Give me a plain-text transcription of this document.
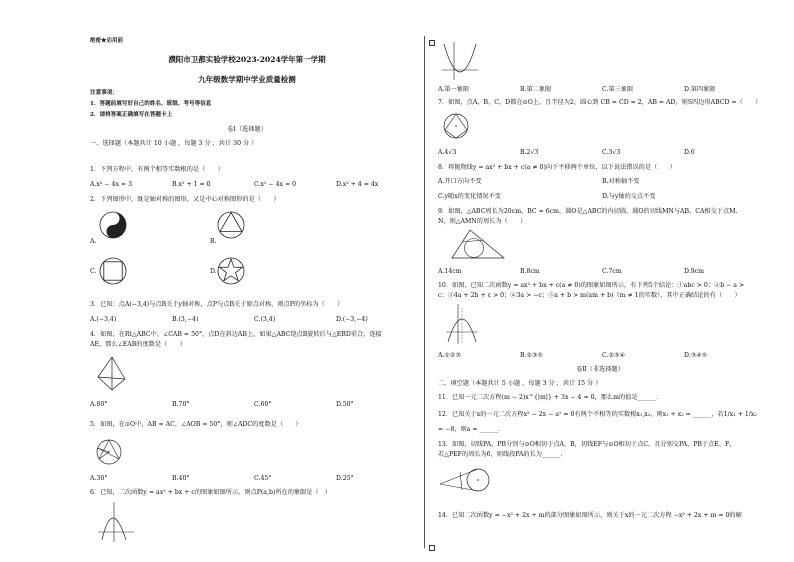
绝密★启用前
濮阳市卫都实验学校2023-2024学年第一学期
九年级数学期中学业质量检测
注意事项：
1．答题前填写好自己的姓名、班级、考号等信息
2．请将答案正确填写在答题卡上
卷Ⅰ（选择题）
一、选择题（本题共计 10 小题 ，每题 3 分 ，共计 30 分 ）
1．下列方程中，有两个相等实数根的是（　　）
A.x² − 4x = 3	B.x² + 1 = 0	C.x² − 4x = 0	D.x² + 4 = 4x
2．下列图形中，既是轴对称的图形，又是中心对称图形的是（　　）
A.	B.
C.	D.
3．已知：点A(−3,4)与点B关于y轴对称，点P与点B关于原点对称，则点P的坐标为（　　）
A.(−3,4)	B.(3,−4)	C.(3,4)	D.(−3,−4)
4．如图，在Rt△ABC中，∠CAB = 50°，点D在斜边AB上，如果△ABC绕点B旋转后与△EBD重合，连接
AE，那么∠EAB的度数是（　　）
A.80°	B.70°	C.60°	D.50°
5．如图，在⊙O中，AB = AC，∠AOB = 50°，则∠ADC的度数是（　　）
A.30°	B.40°	C.45°	D.25°
6．已知，二次函数y = ax² + bx + c的图象如图所示，则点P(a,b)所在的象限是（　）
A.第一象限	B.第二象限	C.第三象限	D.第四象限
7．如图，点A，B，C，D都在⊙O上，且半径为2，圆心到 CB = CD = 2，AB = AD，则S四边形ABCD =（　　）
A.4√3	B.2√3	C.3√3	D.6
8．将抛物线y = ax² + bx + c(a ≠ 0)向下平移两个单位，以下说法错误的是（　　）
A.开口方向不变	B.对称轴不变
C.y随x的变化情况不变	D.与y轴的交点不变
9．如图，△ABC周长为20cm，BC = 6cm，圆O是△ABC的内切圆，圆O的切线MN与AB，CA相交于点M、
N，则△AMN的周长为（　　）
A.14cm	B.8cm	C.7cm	D.9cm
10．如图，已知二次函数y = ax² + bx + c(a ≠ 0)的图象如图所示，有下列5个结论：①abc > 0；②b − a >
c；③4a + 2b + c > 0；④3a > −c；⑤a + b > m(am + b)（m ≠ 1的实数），其中正确结论的有（　　）
A.①②③	B.②③⑤	C.②③④	D.③④⑤
卷Ⅱ（非选择题）
二、填空题（本题共计 5 小题 ，每题 3 分 ，共计 15 分 ）
11．已知一元二次方程(m − 2)x^{|m|} + 3x − 4 = 0，那么m的值是______．
12．已知关于x的一元二次方程x² − 2x − a² = 0有两个不相等的实数根x₁,x₂，则x₁ + x₂ = ______，若1/x₁ + 1/x₂
= −8，则a = ______．
13．如图，切线PA、PB分别与⊙O相切于点A、B，切线EF与⊙O相切于点C，且分别交PA、PB于点E、F，
若△PEF的周长为6，则线段PA的长为______．
14．已知二次函数y = −x² + 2x + m的部分图象如图所示，则关于x的一元二次方程 −x² + 2x + m = 0的解
